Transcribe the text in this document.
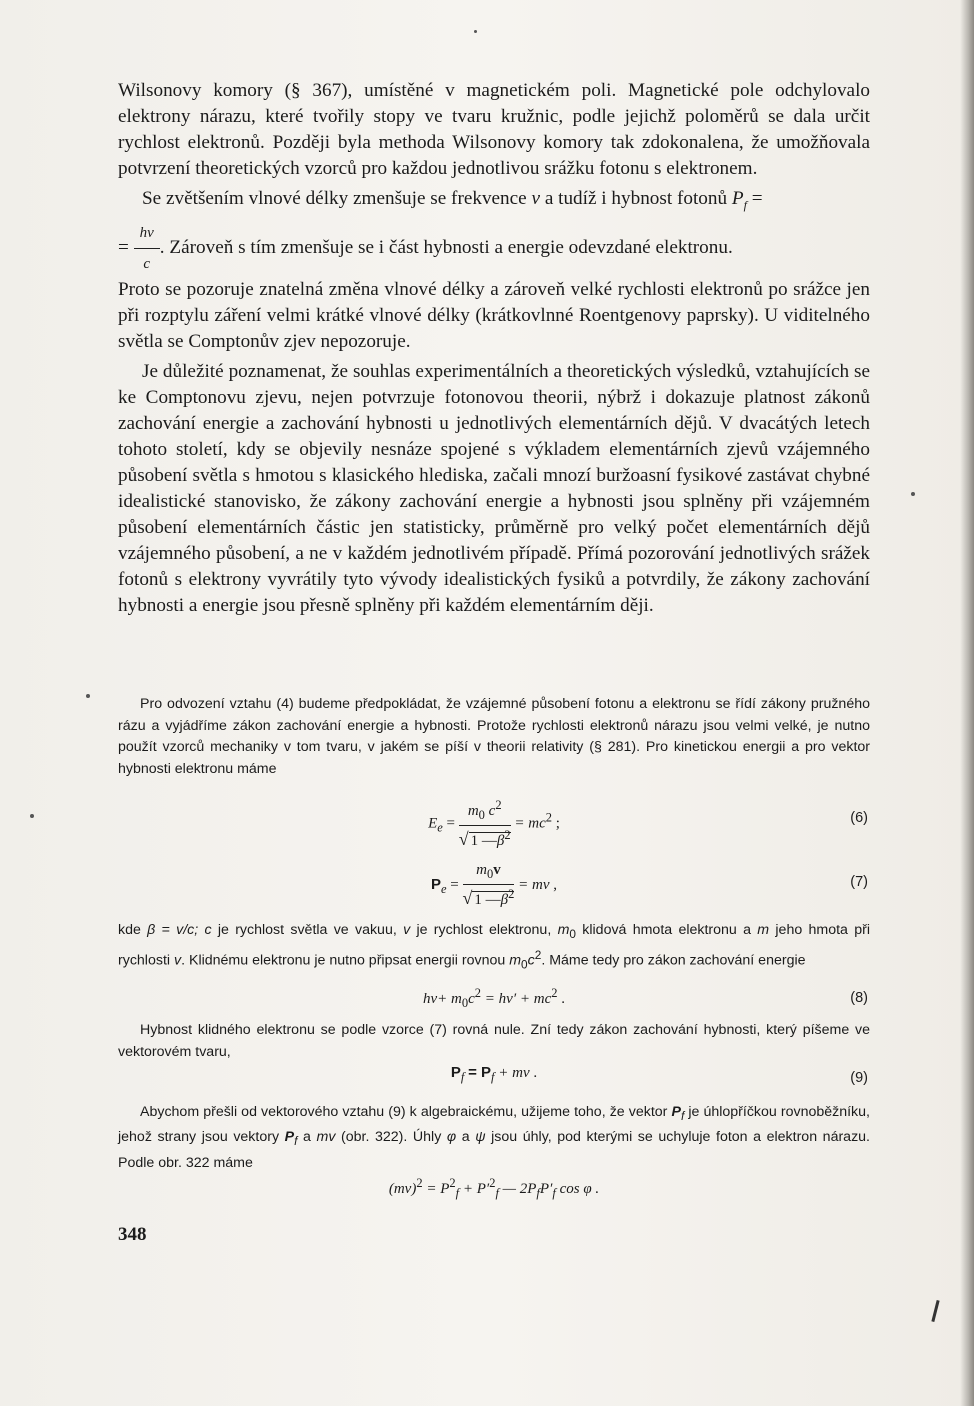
Wilsonovy komory (§ 367), umístěné v magnetickém poli. Magnetické pole odchylovalo elektrony nárazu, které tvořily stopy ve tvaru kružnic, podle jejichž poloměrů se dala určit rychlost elektronů. Později byla methoda Wilsonovy komory tak zdokonalena, že umožňovala potvrzení theoretických vzorců pro každou jednotlivou srážku fotonu s elektronem.

Se zvětšením vlnové délky zmenšuje se frekvence ν a tudíž i hybnost fotonů $P_f$ =

= $\frac{h\nu}{c}$ . Zároveň s tím zmenšuje se i část hybnosti a energie odevzdané elektronu.

Proto se pozoruje znatelná změna vlnové délky a zároveň velké rychlosti elektronů po srážce jen při rozptylu záření velmi krátké vlnové délky (krátkovlnné Roentgenovy paprsky). U viditelného světla se Comptonův zjev nepozoruje.

Je důležité poznamenat, že souhlas experimentálních a theoretických výsledků, vztahujících se ke Comptonovu zjevu, nejen potvrzuje fotonovou theorii, nýbrž i dokazuje platnost zákonů zachování energie a zachování hybnosti u jednotlivých elementárních dějů. V dvacátých letech tohoto století, kdy se objevily nesnáze spojené s výkladem elementárních zjevů vzájemného působení světla s hmotou s klasického hlediska, začali mnozí buržoasní fysikové zastávat chybné idealistické stanovisko, že zákony zachování energie a hybnosti jsou splněny při vzájemném působení elementárních částic jen statisticky, průměrně pro velký počet elementárních dějů vzájemného působení, a ne v každém jednotlivém případě. Přímá pozorování jednotlivých srážek fotonů s elektrony vyvrátily tyto vývody idealistických fysiků a potvrdily, že zákony zachování hybnosti a energie jsou přesně splněny při každém elementárním ději.

Pro odvození vztahu (4) budeme předpokládat, že vzájemné působení fotonu a elektronu se řídí zákony pružného rázu a vyjádříme zákon zachování energie a hybnosti. Protože rychlosti elektronů nárazu jsou velmi velké, je nutno použít vzorců mechaniky v tom tvaru, v jakém se píší v theorii relativity (§ 281). Pro kinetickou energii a pro vektor hybnosti elektronu máme

$E_e = \frac{m_0 c^2}{√ 1 —\beta^2} = mc^2$ ;	(6)
$P_e = \frac{m_0v}{√ 1 —\beta^2}$ = mv ,	(7)

kde β = v/c; c je rychlost světla ve vakuu, v je rychlost elektronu, $m_0$ klidová hmota elektronu a m jeho hmota při rychlosti v. Klidnému elektronu je nutno připsat energii rovnou $m_0c^2$. Máme tedy pro zákon zachování energie

$h\nu+ m_0c^2 = h\nu' + mc^2$ .	(8)

Hybnost klidného elektronu se podle vzorce (7) rovná nule. Zní tedy zákon zachování hybnosti, který píšeme ve vektorovém tvaru,

$P_f = P_f$ + mv .	(9)

Abychom přešli od vektorového vztahu (9) k algebraickému, užijeme toho, že vektor $P_f$ je úhlopříčkou rovnoběžníku, jehož strany jsou vektory $P_f$ a mv (obr. 322). Úhly φ a ψ jsou úhly, pod kterými se uchyluje foton a elektron nárazu. Podle obr. 322 máme

$(mv)^2 = P^2_f + P'^2_f$ — $2P_fP'_f$ cos φ .
348
